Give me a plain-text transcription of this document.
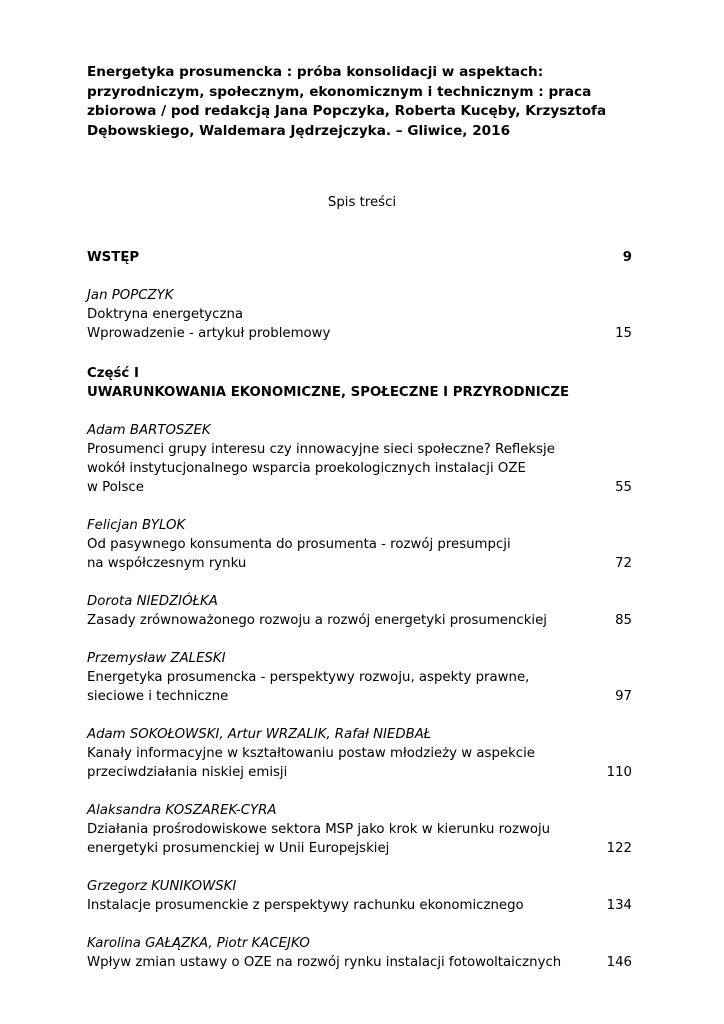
Energetyka prosumencka : próba konsolidacji w aspektach:
przyrodniczym, społecznym, ekonomicznym i technicznym : praca
zbiorowa / pod redakcją Jana Popczyka, Roberta Kucęby, Krzysztofa
Dębowskiego, Waldemara Jędrzejczyka. – Gliwice, 2016
Spis treści
WSTĘP	9
Jan POPCZYK
Doktryna energetyczna
Wprowadzenie - artykuł problemowy	15
Część I
UWARUNKOWANIA EKONOMICZNE, SPOŁECZNE I PRZYRODNICZE
Adam BARTOSZEK
Prosumenci grupy interesu czy innowacyjne sieci społeczne? Refleksje
wokół instytucjonalnego wsparcia proekologicznych instalacji OZE
w Polsce	55
Felicjan BYLOK
Od pasywnego konsumenta do prosumenta - rozwój presumpcji
na współczesnym rynku	72
Dorota NIEDZIÓŁKA
Zasady zrównoważonego rozwoju a rozwój energetyki prosumenckiej	85
Przemysław ZALESKI
Energetyka prosumencka - perspektywy rozwoju, aspekty prawne,
sieciowe i techniczne	97
Adam SOKOŁOWSKI, Artur WRZALIK, Rafał NIEDBAŁ
Kanały informacyjne w kształtowaniu postaw młodzieży w aspekcie
przeciwdziałania niskiej emisji	110
Alaksandra KOSZAREK-CYRA
Działania prośrodowiskowe sektora MSP jako krok w kierunku rozwoju
energetyki prosumenckiej w Unii Europejskiej	122
Grzegorz KUNIKOWSKI
Instalacje prosumenckie z perspektywy rachunku ekonomicznego	134
Karolina GAŁĄZKA, Piotr KACEJKO
Wpływ zmian ustawy o OZE na rozwój rynku instalacji fotowoltaicznych	146
